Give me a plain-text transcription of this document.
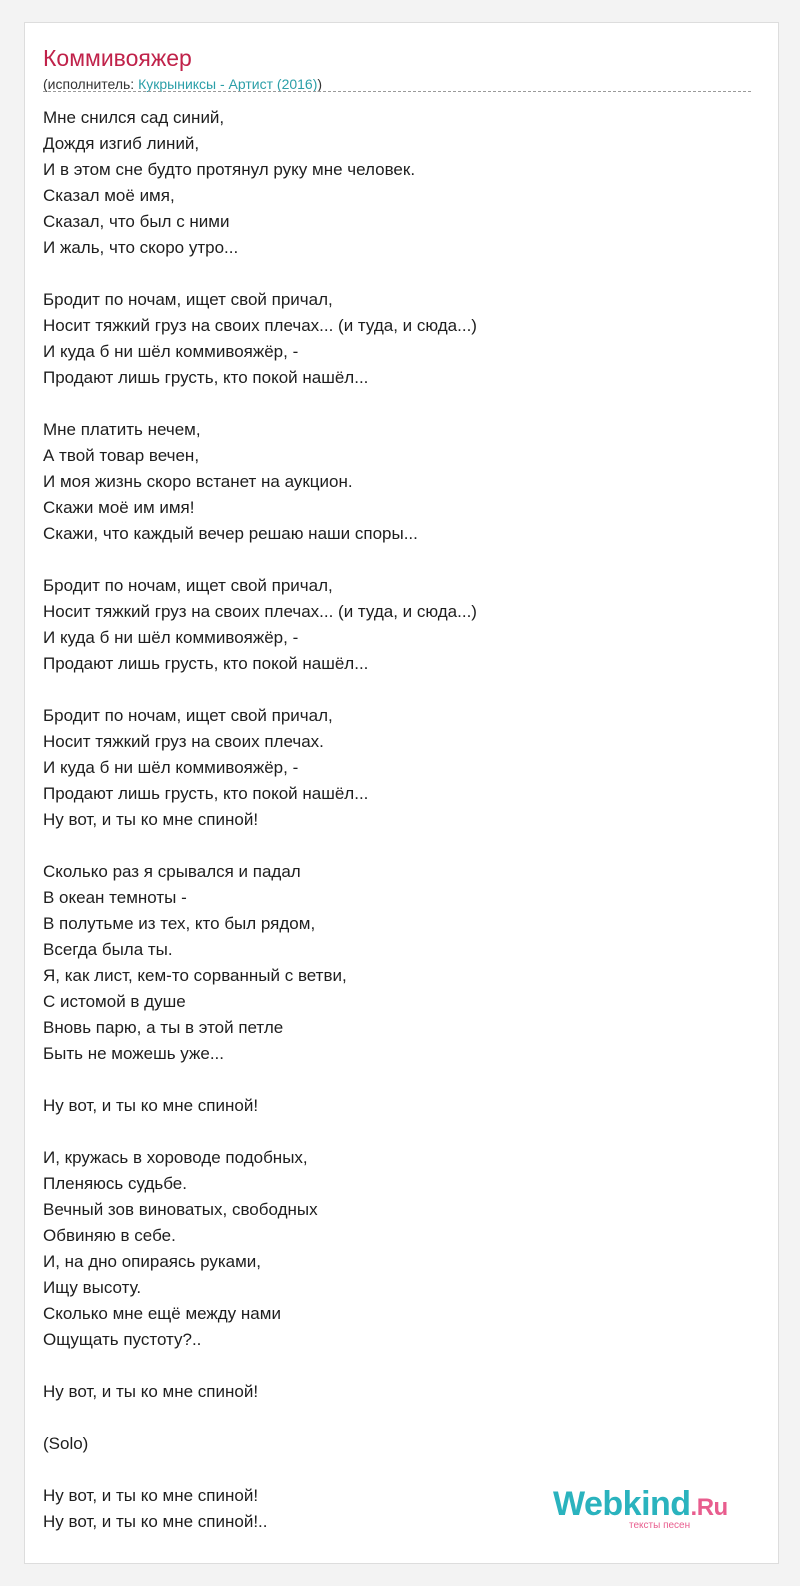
Коммивояжер
(исполнитель: Кукрыниксы - Артист (2016))
Мне снился сад синий,
Дождя изгиб линий,
И в этом сне будто протянул руку мне человек.
Сказал моё имя,
Сказал, что был с ними
И жаль, что скоро утро...
Бродит по ночам, ищет свой причал,
Носит тяжкий груз на своих плечах... (и туда, и сюда...)
И куда б ни шёл коммивояжёр, -
Продают лишь грусть, кто покой нашёл...
Мне платить нечем,
А твой товар вечен,
И моя жизнь скоро встанет на аукцион.
Скажи моё им имя!
Скажи, что каждый вечер решаю наши споры...
Бродит по ночам, ищет свой причал,
Носит тяжкий груз на своих плечах... (и туда, и сюда...)
И куда б ни шёл коммивояжёр, -
Продают лишь грусть, кто покой нашёл...
Бродит по ночам, ищет свой причал,
Носит тяжкий груз на своих плечах.
И куда б ни шёл коммивояжёр, -
Продают лишь грусть, кто покой нашёл...
Ну вот, и ты ко мне спиной!
Сколько раз я срывался и падал
В океан темноты -
В полутьме из тех, кто был рядом,
Всегда была ты.
Я, как лист, кем-то сорванный с ветви,
С истомой в душе
Вновь парю, а ты в этой петле
Быть не можешь уже...
Ну вот, и ты ко мне спиной!
И, кружась в хороводе подобных,
Пленяюсь судьбе.
Вечный зов виноватых, свободных
Обвиняю в себе.
И, на дно опираясь руками,
Ищу высоту.
Сколько мне ещё между нами
Ощущать пустоту?..
Ну вот, и ты ко мне спиной!
(Solo)
Ну вот, и ты ко мне спиной!
Ну вот, и ты ко мне спиной!..	Webkind.Ru
тексты песен
